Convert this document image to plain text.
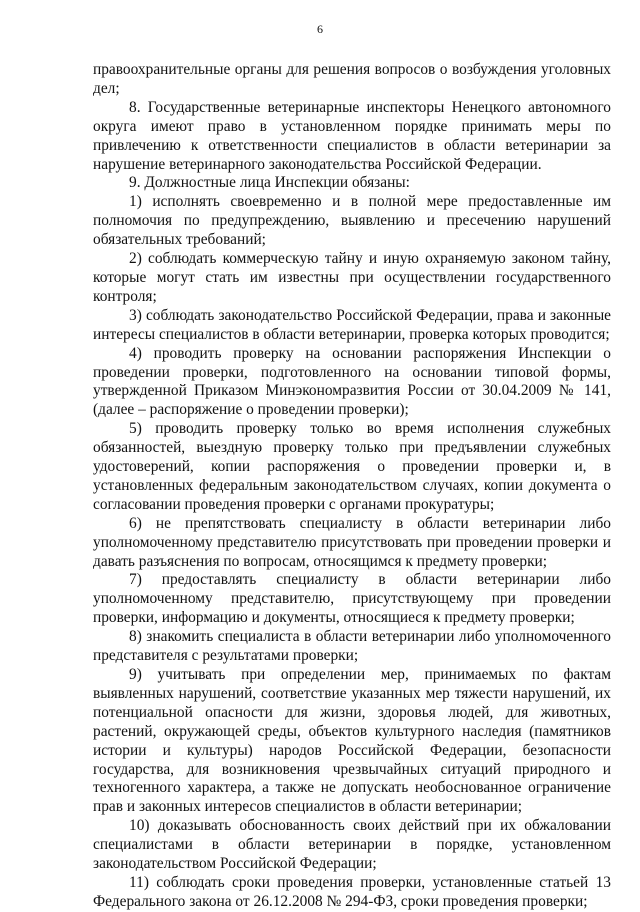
6

правоохранительные органы для решения вопросов о возбуждения уголовных дел;

8. Государственные ветеринарные инспекторы Ненецкого автономного округа имеют право в установленном порядке принимать меры по привлечению к ответственности специалистов в области ветеринарии за нарушение ветеринарного законодательства Российской Федерации.

9. Должностные лица Инспекции обязаны:

1) исполнять своевременно и в полной мере предоставленные им полномочия по предупреждению, выявлению и пресечению нарушений обязательных требований;

2) соблюдать коммерческую тайну и иную охраняемую законом тайну, которые могут стать им известны при осуществлении государственного контроля;

3) соблюдать законодательство Российской Федерации, права и законные интересы специалистов в области ветеринарии, проверка которых проводится;

4) проводить проверку на основании распоряжения Инспекции о проведении проверки, подготовленного на основании типовой формы, утвержденной Приказом Минэкономразвития России от 30.04.2009 № 141, (далее – распоряжение о проведении проверки);

5) проводить проверку только во время исполнения служебных обязанностей, выездную проверку только при предъявлении служебных удостоверений, копии распоряжения о проведении проверки и, в установленных федеральным законодательством случаях, копии документа о согласовании проведения проверки с органами прокуратуры;

6) не препятствовать специалисту в области ветеринарии либо уполномоченному представителю присутствовать при проведении проверки и давать разъяснения по вопросам, относящимся к предмету проверки;

7) предоставлять специалисту в области ветеринарии либо уполномоченному представителю, присутствующему при проведении проверки, информацию и документы, относящиеся к предмету проверки;

8) знакомить специалиста в области ветеринарии либо уполномоченного представителя с результатами проверки;

9) учитывать при определении мер, принимаемых по фактам выявленных нарушений, соответствие указанных мер тяжести нарушений, их потенциальной опасности для жизни, здоровья людей, для животных, растений, окружающей среды, объектов культурного наследия (памятников истории и культуры) народов Российской Федерации, безопасности государства, для возникновения чрезвычайных ситуаций природного и техногенного характера, а также не допускать необоснованное ограничение прав и законных интересов специалистов в области ветеринарии;

10) доказывать обоснованность своих действий при их обжаловании специалистами в области ветеринарии в порядке, установленном законодательством Российской Федерации;

11) соблюдать сроки проведения проверки, установленные статьей 13 Федерального закона от 26.12.2008 № 294-ФЗ, сроки проведения проверки;
